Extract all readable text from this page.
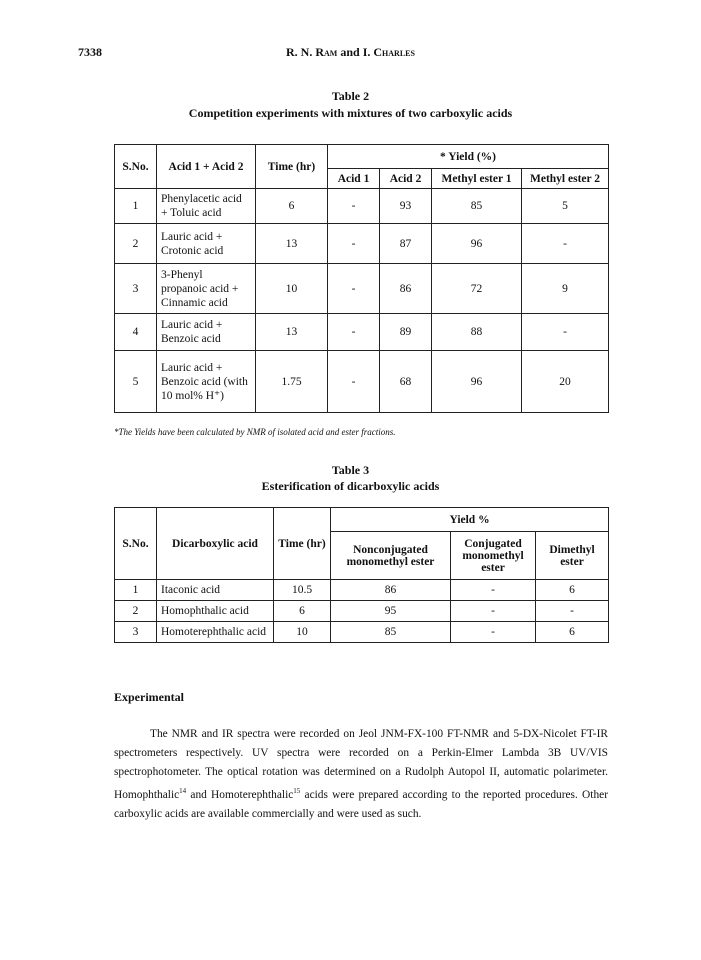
7338	R. N. Ram and I. Charles
Table 2
Competition experiments with mixtures of two carboxylic acids
S.No.	Acid 1 + Acid 2	Time (hr)	* Yield (%)			
			Acid 1	Acid 2	Methyl ester 1	Methyl ester 2
1	Phenylacetic acid + Toluic acid	6	-	93	85	5
2	Lauric acid + Crotonic acid	13	-	87	96	-
3	3-Phenyl propanoic acid + Cinnamic acid	10	-	86	72	9
4	Lauric acid + Benzoic acid	13	-	89	88	-
5	Lauric acid + Benzoic acid (with 10 mol% H⁺)	1.75	-	68	96	20
*The Yields have been calculated by NMR of isolated acid and ester fractions.
Table 3
Esterification of dicarboxylic acids
S.No.	Dicarboxylic acid	Time (hr)	Yield %		
			Nonconjugated monomethyl ester	Conjugated monomethyl ester	Dimethyl ester
1	Itaconic acid	10.5	86	-	6
2	Homophthalic acid	6	95	-	-
3	Homoterephthalic acid	10	85	-	6
Experimental

The NMR and IR spectra were recorded on Jeol JNM-FX-100 FT-NMR and 5-DX-Nicolet FT-IR spectrometers respectively. UV spectra were recorded on a Perkin-Elmer Lambda 3B UV/VIS spectrophotometer. The optical rotation was determined on a Rudolph Autopol II, automatic polarimeter. Homophthalic$^{14}$ and Homoterephthalic$^{15}$ acids were prepared according to the reported procedures. Other carboxylic acids are available commercially and were used as such.
